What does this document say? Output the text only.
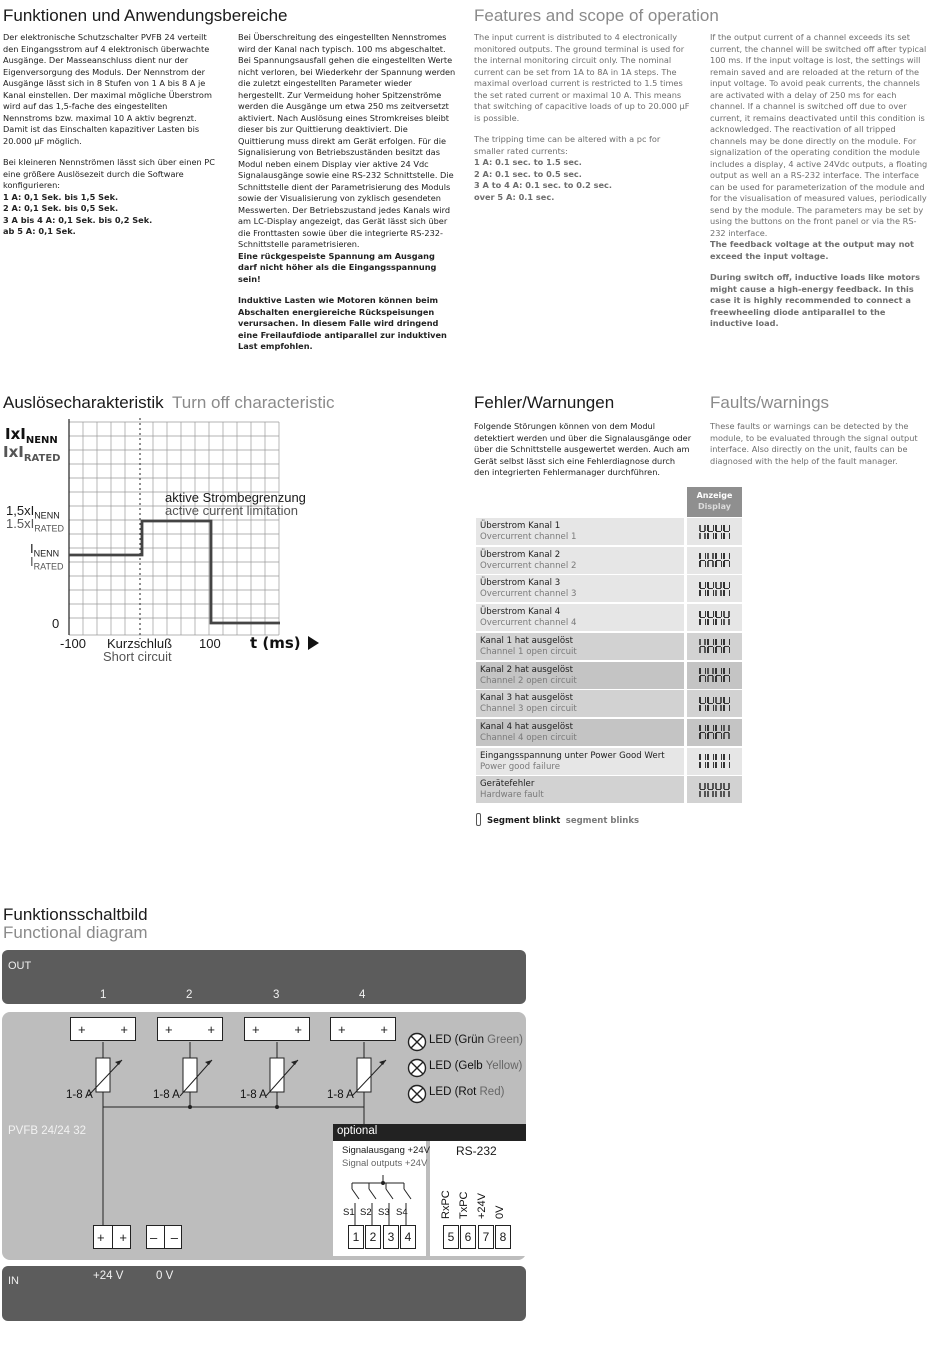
Funktionen und Anwendungsbereiche	Features and scope of operation

Der elektronische Schutzschalter PVFB 24 verteilt den Eingangsstrom auf 4 elektronisch überwachte Ausgänge. Der Masseanschluss dient nur der Eigenversorgung des Moduls. Der Nennstrom der Ausgänge lässt sich in 8 Stufen von 1 A bis 8 A je Kanal einstellen. Der maximal mögliche Überstrom wird auf das 1,5-fache des eingestellten Nennstroms bzw. maximal 10 A aktiv begrenzt. Damit ist das Einschalten kapazitiver Lasten bis 20.000 µF möglich.

Bei kleineren Nennströmen lässt sich über einen PC eine größere Auslösezeit durch die Software konfigurieren:

1 A: 0,1 Sek. bis 1,5 Sek.
2 A: 0,1 Sek. bis 0,5 Sek.
3 A bis 4 A: 0,1 Sek. bis 0,2 Sek.
ab 5 A: 0,1 Sek.

Bei Überschreitung des eingestellten Nennstromes wird der Kanal nach typisch. 100 ms abgeschaltet. Bei Spannungsausfall gehen die eingestellten Werte nicht verloren, bei Wiederkehr der Spannung werden die zuletzt eingestellten Parameter wieder hergestellt. Zur Vermeidung hoher Spitzenströme werden die Ausgänge um etwa 250 ms zeitversetzt aktiviert. Nach Auslösung eines Stromkreises bleibt dieser bis zur Quittierung deaktiviert. Die Quittierung muss direkt am Gerät erfolgen. Für die Signalisierung von Betriebszuständen besitzt das Modul neben einem Display vier aktive 24 Vdc Signalausgänge sowie eine RS-232 Schnittstelle. Die Schnittstelle dient der Parametrisierung des Moduls sowie der Visualisierung von zyklisch gesendeten Messwerten. Der Betriebszustand jedes Kanals wird am LC-Display angezeigt, das Gerät lässt sich über die Fronttasten sowie über die integrierte RS-232-Schnittstelle parametrisieren.

Eine rückgespeiste Spannung am Ausgang darf nicht höher als die Eingangsspannung sein!

Induktive Lasten wie Motoren können beim Abschalten energiereiche Rückspeisungen verursachen. In diesem Falle wird dringend eine Freilaufdiode antiparallel zur induktiven Last empfohlen.

The input current is distributed to 4 electronically monitored outputs. The ground terminal is used for the internal monitoring circuit only. The nominal current can be set from 1A to 8A in 1A steps. The maximal overload current is restricted to 1.5 times the set rated current or maximal 10 A. This means that switching of capacitive loads of up to 20.000 µF is possible.

The tripping time can be altered with a pc for smaller rated currents:

1 A: 0.1 sec. to 1.5 sec.
2 A: 0.1 sec. to 0.5 sec.
3 A to 4 A: 0.1 sec. to 0.2 sec.
over 5 A: 0.1 sec.

If the output current of a channel exceeds its set current, the channel will be switched off after typical 100 ms. If the input voltage is lost, the settings will remain saved and are reloaded at the return of the input voltage. To avoid peak currents, the channels are activated with a delay of 250 ms for each channel. If a channel is switched off due to over current, it remains deactivated until this condition is acknowledged. The reactivation of all tripped channels may be done directly on the module. For signalization of the operating condition the module includes a display, 4 active 24Vdc outputs, a floating output as well an a RS-232 interface. The interface can be used for parameterization of the module and for the visualisation of measured values, periodically send by the module. The parameters may be set by using the buttons on the front panel or via the RS-232 interface.

The feedback voltage at the output may not exceed the input voltage.

During switch off, inductive loads like motors might cause a high-energy feedback. In this case it is highly recommended to connect a freewheeling diode antiparallel to the inductive load.

Auslösecharakteristik Turn off characteristic
IxI$_{NENN}$
IxI$_{RATED}$
$1,5xI_{NENN}$
$1.5xI_{RATED}$
$I_{NENN}$
$I_{RATED}$
0
-100 Kurzschluß
Short circuit
100 t (ms)
aktive Strombegrenzung
active current limitation
Fehler/Warnungen	Faults/warnings
Folgende Störungen können von dem Modul detektiert werden und über die Signalausgänge oder über die Schnittstelle ausgewertet werden. Auch am Gerät selbst lässt sich eine Fehlerdiagnose durch den integrierten Fehlermanager durchführen.
These faults or warnings can be detected by the module, to be evaluated through the signal output interface. Also directly on the unit, faults can be diagnosed with the help of the fault manager.
Anzeige
Display
Überstrom Kanal 1
Overcurrent channel 1
Überstrom Kanal 2
Overcurrent channel 2
Überstrom Kanal 3
Overcurrent channel 3
Überstrom Kanal 4
Overcurrent channel 4
Kanal 1 hat ausgelöst
Channel 1 open circuit
Kanal 2 hat ausgelöst
Channel 2 open circuit
Kanal 3 hat ausgelöst
Channel 3 open circuit
Kanal 4 hat ausgelöst
Channel 4 open circuit
Eingangsspannung unter Power Good Wert
Power good failure
Gerätefehler
Hardware fault
Segment blinkt segment blinks
Funktionsschaltbild
Functional diagram
OUT
IN
1	2	3	4
+	+	+	+	+	+	+	+
1-8 A	1-8 A	1-8 A	1-8 A
LED (Grün Green)
LED (Gelb Yellow)
LED (Rot Red)
PVFB 24/24 32	optional
Signalausgang +24V
Signal outputs +24V
RS-232
S1 S2 S3 S4	RxPC TxPC +24V 0V
1 2 3 4	5 6 7 8
+ + – –
+24 V	0 V
